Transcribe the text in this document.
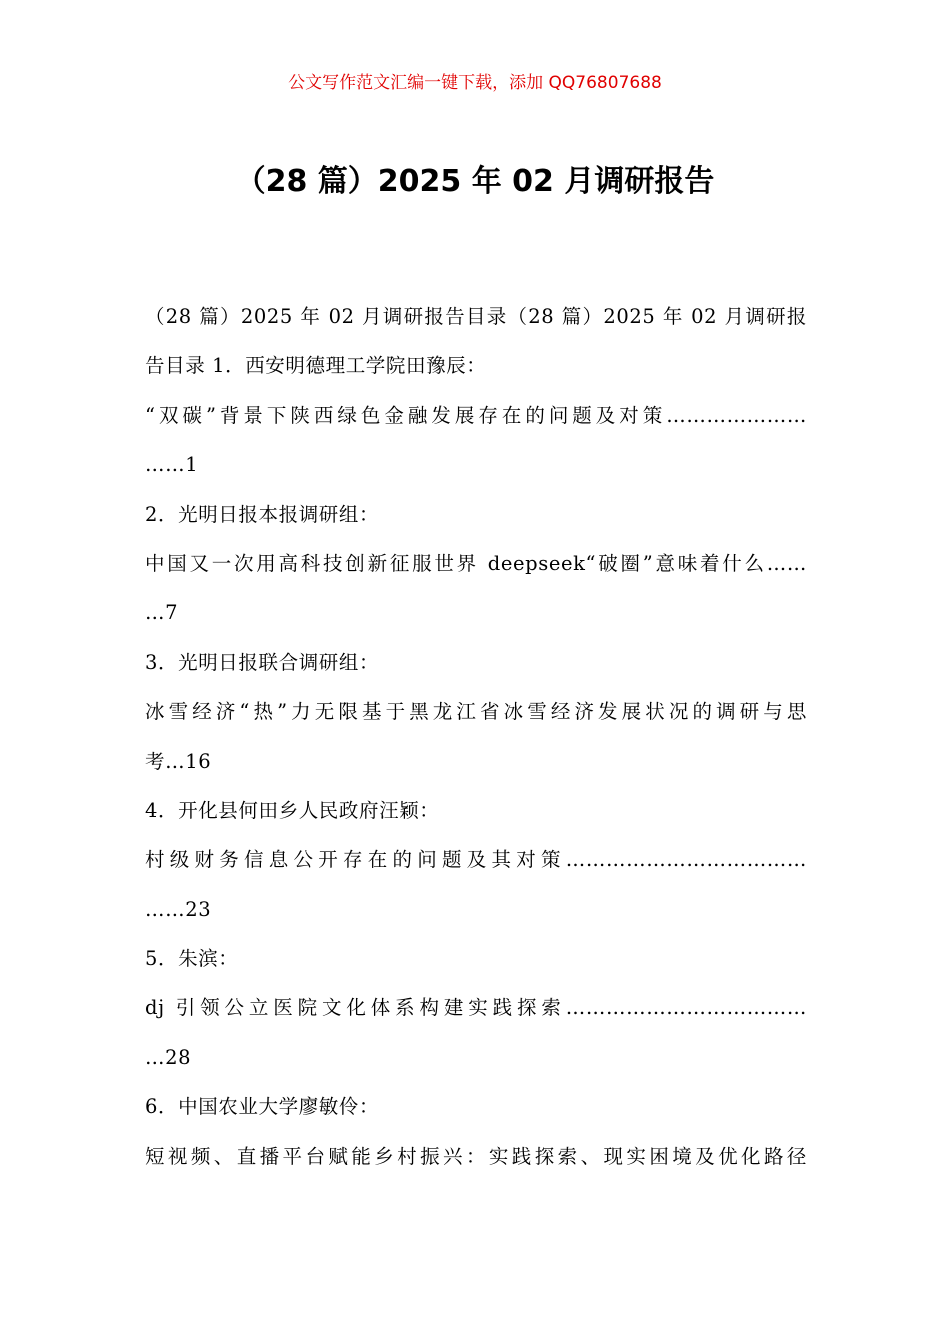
公文写作范文汇编一键下载，添加 QQ76807688
（28 篇）2025 年 02 月调研报告
（28 篇）2025 年 02 月调研报告目录（28 篇）2025 年 02 月调研报
告目录 1．西安明德理工学院田豫辰：
“双碳”背景下陕西绿色金融发展存在的问题及对策…………………
……1
2．光明日报本报调研组：
中国又一次用高科技创新征服世界 deepseek“破圈”意味着什么……
…7
3．光明日报联合调研组：
冰雪经济“热”力无限基于黑龙江省冰雪经济发展状况的调研与思
考…16
4．开化县何田乡人民政府汪颖：
村级财务信息公开存在的问题及其对策………………………………
……23
5．朱滨：
dj 引领公立医院文化体系构建实践探索………………………………
…28
6．中国农业大学廖敏伶：
短视频、直播平台赋能乡村振兴：实践探索、现实困境及优化路径
